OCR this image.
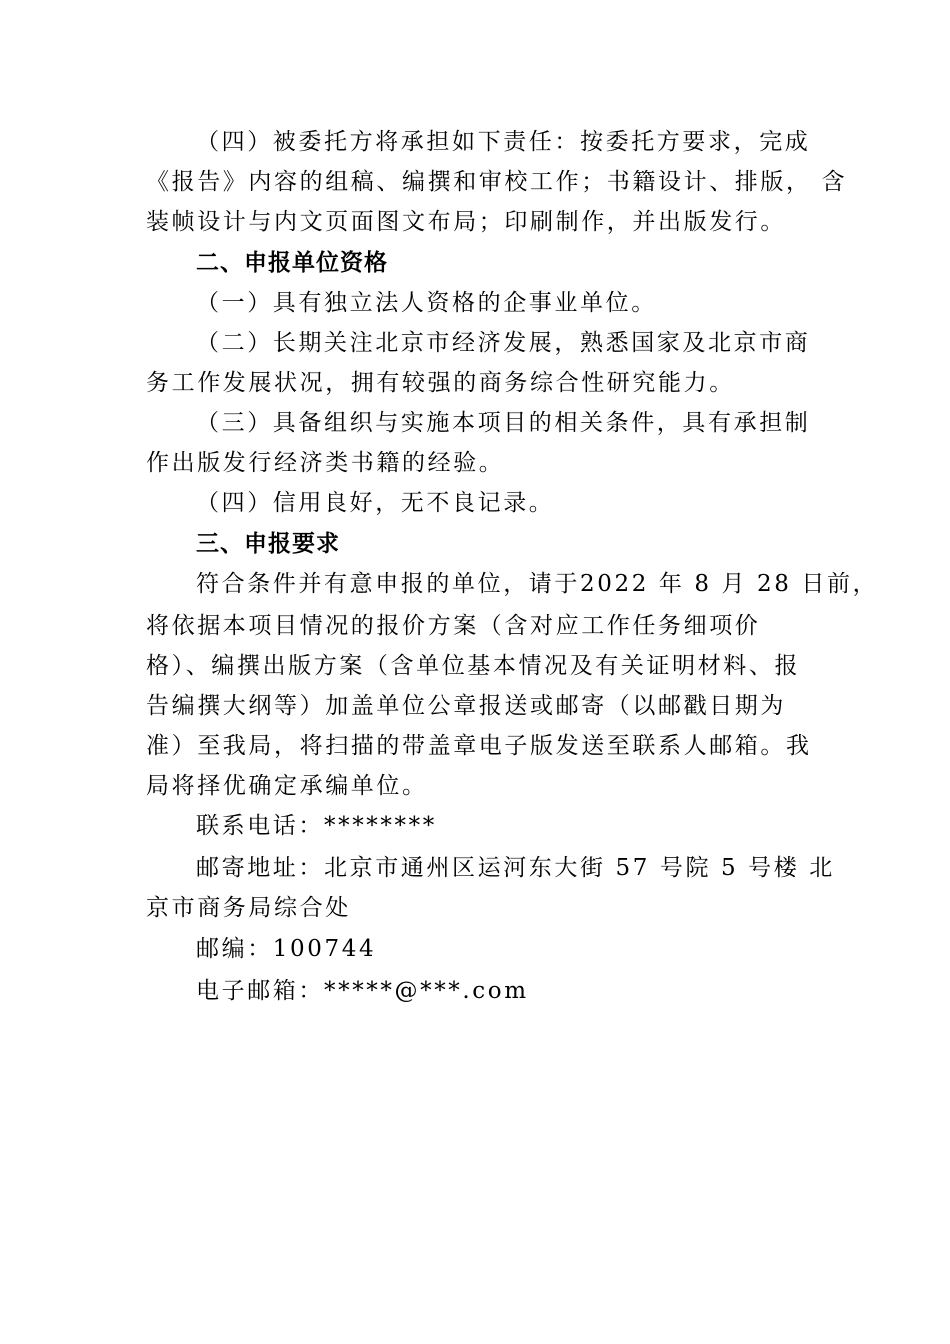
（四）被委托方将承担如下责任：按委托方要求，完成
《报告》内容的组稿、编撰和审校工作；书籍设计、排版， 含
装帧设计与内文页面图文布局；印刷制作，并出版发行。
二、申报单位资格
（一）具有独立法人资格的企事业单位。
（二）长期关注北京市经济发展，熟悉国家及北京市商
务工作发展状况，拥有较强的商务综合性研究能力。
（三）具备组织与实施本项目的相关条件，具有承担制
作出版发行经济类书籍的经验。
（四）信用良好，无不良记录。
三、申报要求
符合条件并有意申报的单位，请于2022 年 8 月 28 日前，
将依据本项目情况的报价方案（含对应工作任务细项价
格）、编撰出版方案（含单位基本情况及有关证明材料、报
告编撰大纲等）加盖单位公章报送或邮寄（以邮戳日期为
准）至我局，将扫描的带盖章电子版发送至联系人邮箱。我
局将择优确定承编单位。
联系电话：********
邮寄地址：北京市通州区运河东大街 57 号院 5 号楼 北
京市商务局综合处
邮编：100744
电子邮箱：*****@***.com
